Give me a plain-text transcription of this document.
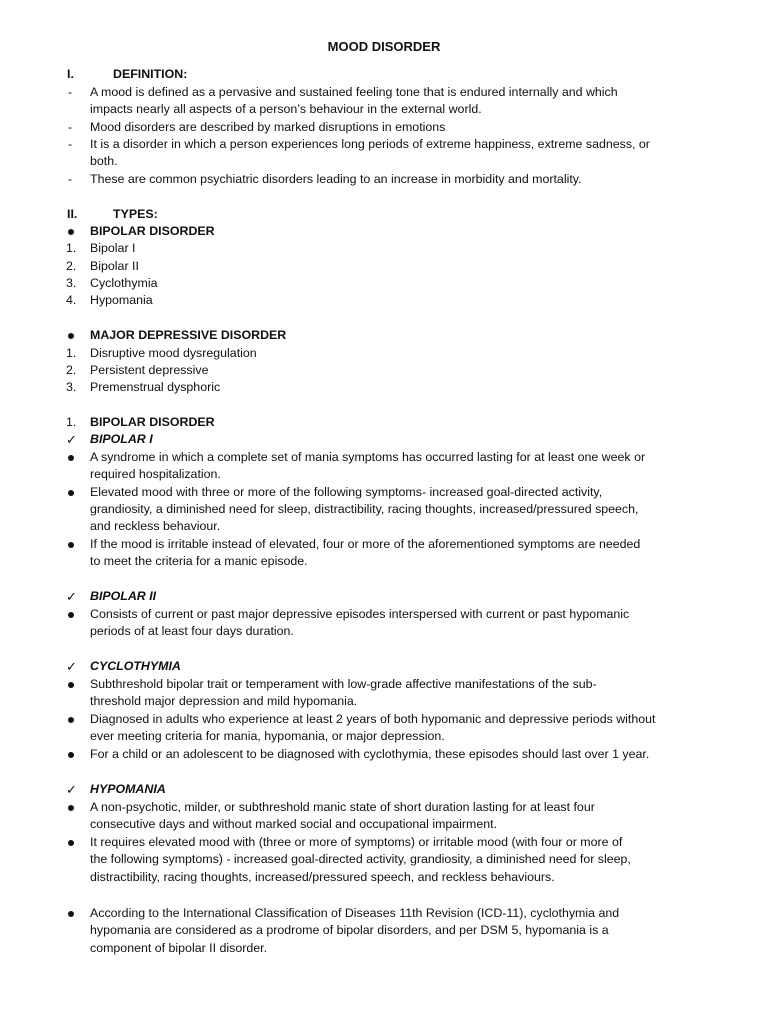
MOOD DISORDER
I.	DEFINITION:
- A mood is defined as a pervasive and sustained feeling tone that is endured internally and which
impacts nearly all aspects of a person’s behaviour in the external world.
- Mood disorders are described by marked disruptions in emotions
- It is a disorder in which a person experiences long periods of extreme happiness, extreme sadness, or
both.
- These are common psychiatric disorders leading to an increase in morbidity and mortality.
II.	TYPES:
BIPOLAR DISORDER
1. Bipolar I
2. Bipolar II
3. Cyclothymia
4. Hypomania
MAJOR DEPRESSIVE DISORDER
1. Disruptive mood dysregulation
2. Persistent depressive
3. Premenstrual dysphoric
1. BIPOLAR DISORDER
✓ BIPOLAR I
A syndrome in which a complete set of mania symptoms has occurred lasting for at least one week or
required hospitalization.
Elevated mood with three or more of the following symptoms- increased goal-directed activity,
grandiosity, a diminished need for sleep, distractibility, racing thoughts, increased/pressured speech,
and reckless behaviour.
If the mood is irritable instead of elevated, four or more of the aforementioned symptoms are needed
to meet the criteria for a manic episode.
✓ BIPOLAR II
Consists of current or past major depressive episodes interspersed with current or past hypomanic
periods of at least four days duration.
✓ CYCLOTHYMIA
Subthreshold bipolar trait or temperament with low-grade affective manifestations of the sub-
threshold major depression and mild hypomania.
Diagnosed in adults who experience at least 2 years of both hypomanic and depressive periods without
ever meeting criteria for mania, hypomania, or major depression.
For a child or an adolescent to be diagnosed with cyclothymia, these episodes should last over 1 year.
✓ HYPOMANIA
A non-psychotic, milder, or subthreshold manic state of short duration lasting for at least four
consecutive days and without marked social and occupational impairment.
It requires elevated mood with (three or more of symptoms) or irritable mood (with four or more of
the following symptoms) - increased goal-directed activity, grandiosity, a diminished need for sleep,
distractibility, racing thoughts, increased/pressured speech, and reckless behaviours.
According to the International Classification of Diseases 11th Revision (ICD-11), cyclothymia and
hypomania are considered as a prodrome of bipolar disorders, and per DSM 5, hypomania is a
component of bipolar II disorder.
